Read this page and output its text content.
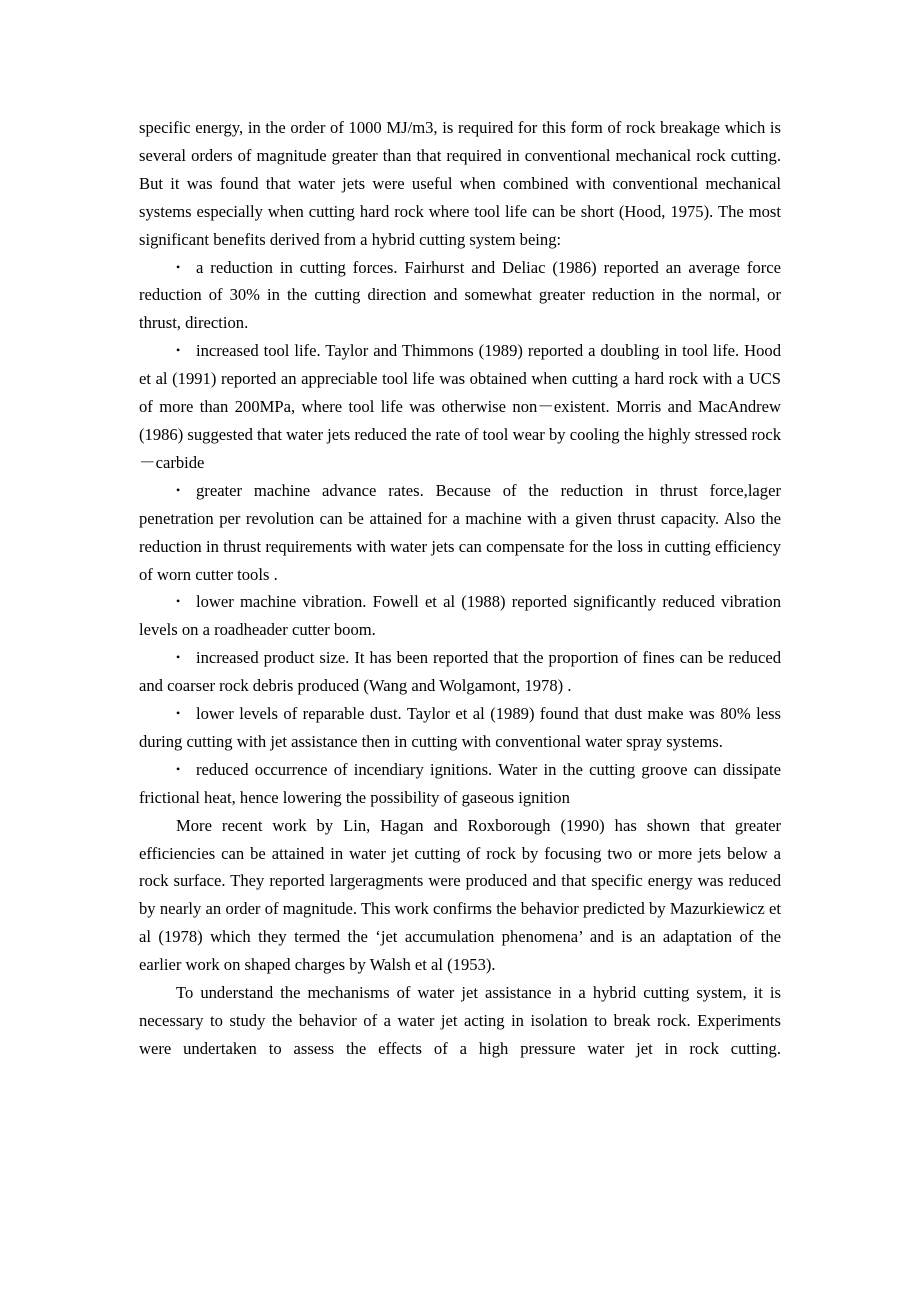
specific energy, in the order of 1000 MJ/m3, is required for this form of rock breakage which is several orders of magnitude greater than that required in conventional mechanical rock cutting. But it was found that water jets were useful when combined with conventional mechanical systems especially when cutting hard rock where tool life can be short (Hood, 1975). The most significant benefits derived from a hybrid cutting system being:

• a reduction in cutting forces. Fairhurst and Deliac (1986) reported an average force reduction of 30% in the cutting direction and somewhat greater reduction in the normal, or thrust, direction.

• increased tool life. Taylor and Thimmons (1989) reported a doubling in tool life. Hood et al (1991) reported an appreciable tool life was obtained when cutting a hard rock with a UCS of more than 200MPa, where tool life was otherwise non－existent. Morris and MacAndrew (1986) suggested that water jets reduced the rate of tool wear by cooling the highly stressed rock－carbide

• greater machine advance rates. Because of the reduction in thrust force,lager penetration per revolution can be attained for a machine with a given thrust capacity. Also the reduction in thrust requirements with water jets can compensate for the loss in cutting efficiency of worn cutter tools .

• lower machine vibration. Fowell et al (1988) reported significantly reduced vibration levels on a roadheader cutter boom.

• increased product size. It has been reported that the proportion of fines can be reduced and coarser rock debris produced (Wang and Wolgamont, 1978) .

• lower levels of reparable dust. Taylor et al (1989) found that dust make was 80% less during cutting with jet assistance then in cutting with conventional water spray systems.

• reduced occurrence of incendiary ignitions. Water in the cutting groove can dissipate frictional heat, hence lowering the possibility of gaseous ignition

More recent work by Lin, Hagan and Roxborough (1990) has shown that greater efficiencies can be attained in water jet cutting of rock by focusing two or more jets below a rock surface. They reported largeragments were produced and that specific energy was reduced by nearly an order of magnitude. This work confirms the behavior predicted by Mazurkiewicz et al (1978) which they termed the ‘jet accumulation phenomena’ and is an adaptation of the earlier work on shaped charges by Walsh et al (1953).

To understand the mechanisms of water jet assistance in a hybrid cutting system, it is necessary to study the behavior of a water jet acting in isolation to break rock. Experiments were undertaken to assess the effects of a high pressure water jet in rock cutting.
